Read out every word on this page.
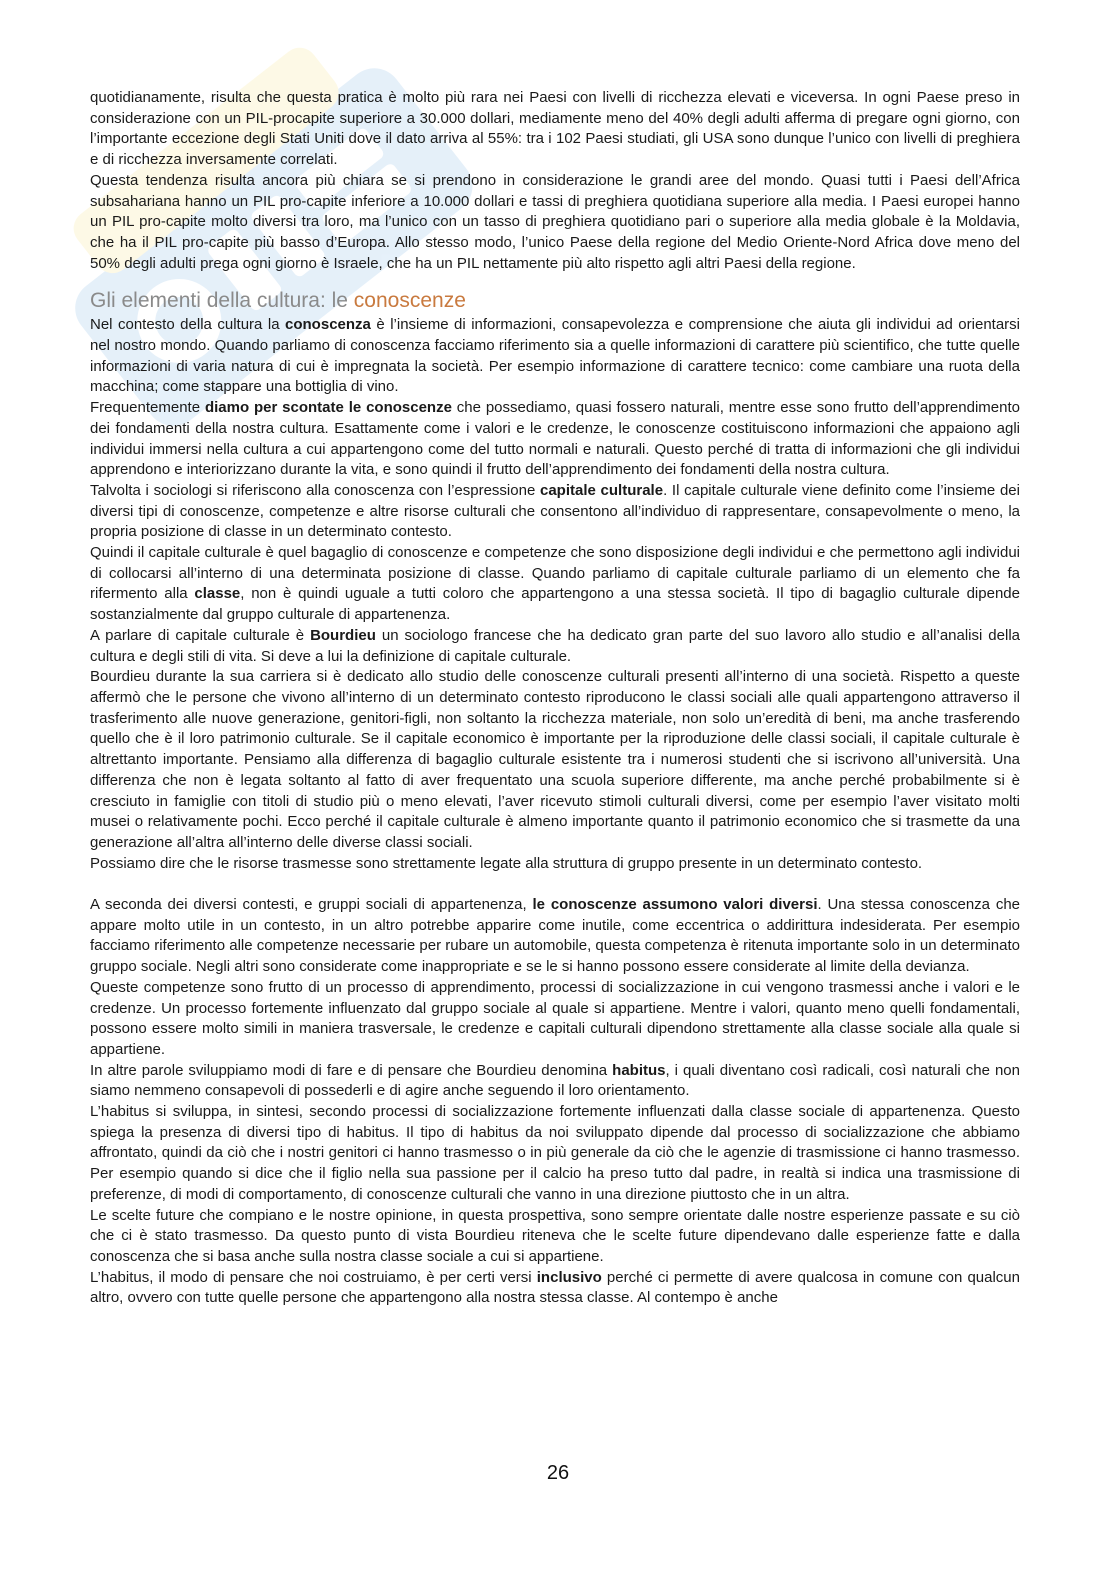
quotidianamente, risulta che questa pratica è molto più rara nei Paesi con livelli di ricchezza elevati e viceversa. In ogni Paese preso in considerazione con un PIL-procapite superiore a 30.000 dollari, mediamente meno del 40% degli adulti afferma di pregare ogni giorno, con l’importante eccezione degli Stati Uniti dove il dato arriva al 55%: tra i 102 Paesi studiati, gli USA sono dunque l’unico con livelli di preghiera e di ricchezza inversamente correlati.

Questa tendenza risulta ancora più chiara se si prendono in considerazione le grandi aree del mondo. Quasi tutti i Paesi dell’Africa subsahariana hanno un PIL pro-capite inferiore a 10.000 dollari e tassi di preghiera quotidiana superiore alla media. I Paesi europei hanno un PIL pro-capite molto diversi tra loro, ma l’unico con un tasso di preghiera quotidiano pari o superiore alla media globale è la Moldavia, che ha il PIL pro-capite più basso d’Europa. Allo stesso modo, l’unico Paese della regione del Medio Oriente-Nord Africa dove meno del 50% degli adulti prega ogni giorno è Israele, che ha un PIL nettamente più alto rispetto agli altri Paesi della regione.

Gli elementi della cultura: le conoscenze

Nel contesto della cultura la conoscenza è l’insieme di informazioni, consapevolezza e comprensione che aiuta gli individui ad orientarsi nel nostro mondo. Quando parliamo di conoscenza facciamo riferimento sia a quelle informazioni di carattere più scientifico, che tutte quelle informazioni di varia natura di cui è impregnata la società. Per esempio informazione di carattere tecnico: come cambiare una ruota della macchina; come stappare una bottiglia di vino.

Frequentemente diamo per scontate le conoscenze che possediamo, quasi fossero naturali, mentre esse sono frutto dell’apprendimento dei fondamenti della nostra cultura. Esattamente come i valori e le credenze, le conoscenze costituiscono informazioni che appaiono agli individui immersi nella cultura a cui appartengono come del tutto normali e naturali. Questo perché di tratta di informazioni che gli individui apprendono e interiorizzano durante la vita, e sono quindi il frutto dell’apprendimento dei fondamenti della nostra cultura.

Talvolta i sociologi si riferiscono alla conoscenza con l’espressione capitale culturale. Il capitale culturale viene definito come l’insieme dei diversi tipi di conoscenze, competenze e altre risorse culturali che consentono all’individuo di rappresentare, consapevolmente o meno, la propria posizione di classe in un determinato contesto.

Quindi il capitale culturale è quel bagaglio di conoscenze e competenze che sono disposizione degli individui e che permettono agli individui di collocarsi all’interno di una determinata posizione di classe. Quando parliamo di capitale culturale parliamo di un elemento che fa rifermento alla classe, non è quindi uguale a tutti coloro che appartengono a una stessa società. Il tipo di bagaglio culturale dipende sostanzialmente dal gruppo culturale di appartenenza.

A parlare di capitale culturale è Bourdieu un sociologo francese che ha dedicato gran parte del suo lavoro allo studio e all’analisi della cultura e degli stili di vita. Si deve a lui la definizione di capitale culturale.

Bourdieu durante la sua carriera si è dedicato allo studio delle conoscenze culturali presenti all’interno di una società. Rispetto a queste affermò che le persone che vivono all’interno di un determinato contesto riproducono le classi sociali alle quali appartengono attraverso il trasferimento alle nuove generazione, genitori-figli, non soltanto la ricchezza materiale, non solo un’eredità di beni, ma anche trasferendo quello che è il loro patrimonio culturale. Se il capitale economico è importante per la riproduzione delle classi sociali, il capitale culturale è altrettanto importante. Pensiamo alla differenza di bagaglio culturale esistente tra i numerosi studenti che si iscrivono all’università. Una differenza che non è legata soltanto al fatto di aver frequentato una scuola superiore differente, ma anche perché probabilmente si è cresciuto in famiglie con titoli di studio più o meno elevati, l’aver ricevuto stimoli culturali diversi, come per esempio l’aver visitato molti musei o relativamente pochi. Ecco perché il capitale culturale è almeno importante quanto il patrimonio economico che si trasmette da una generazione all’altra all’interno delle diverse classi sociali.

Possiamo dire che le risorse trasmesse sono strettamente legate alla struttura di gruppo presente in un determinato contesto.

A seconda dei diversi contesti, e gruppi sociali di appartenenza, le conoscenze assumono valori diversi. Una stessa conoscenza che appare molto utile in un contesto, in un altro potrebbe apparire come inutile, come eccentrica o addirittura indesiderata. Per esempio facciamo riferimento alle competenze necessarie per rubare un automobile, questa competenza è ritenuta importante solo in un determinato gruppo sociale. Negli altri sono considerate come inappropriate e se le si hanno possono essere considerate al limite della devianza.

Queste competenze sono frutto di un processo di apprendimento, processi di socializzazione in cui vengono trasmessi anche i valori e le credenze. Un processo fortemente influenzato dal gruppo sociale al quale si appartiene. Mentre i valori, quanto meno quelli fondamentali, possono essere molto simili in maniera trasversale, le credenze e capitali culturali dipendono strettamente alla classe sociale alla quale si appartiene.

In altre parole sviluppiamo modi di fare e di pensare che Bourdieu denomina habitus, i quali diventano così radicali, così naturali che non siamo nemmeno consapevoli di possederli e di agire anche seguendo il loro orientamento.

L’habitus si sviluppa, in sintesi, secondo processi di socializzazione fortemente influenzati dalla classe sociale di appartenenza. Questo spiega la presenza di diversi tipo di habitus. Il tipo di habitus da noi sviluppato dipende dal processo di socializzazione che abbiamo affrontato, quindi da ciò che i nostri genitori ci hanno trasmesso o in più generale da ciò che le agenzie di trasmissione ci hanno trasmesso. Per esempio quando si dice che il figlio nella sua passione per il calcio ha preso tutto dal padre, in realtà si indica una trasmissione di preferenze, di modi di comportamento, di conoscenze culturali che vanno in una direzione piuttosto che in un altra.

Le scelte future che compiano e le nostre opinione, in questa prospettiva, sono sempre orientate dalle nostre esperienze passate e su ciò che ci è stato trasmesso. Da questo punto di vista Bourdieu riteneva che le scelte future dipendevano dalle esperienze fatte e dalla conoscenza che si basa anche sulla nostra classe sociale a cui si appartiene.

L’habitus, il modo di pensare che noi costruiamo, è per certi versi inclusivo perché ci permette di avere qualcosa in comune con qualcun altro, ovvero con tutte quelle persone che appartengono alla nostra stessa classe. Al contempo è anche

26
